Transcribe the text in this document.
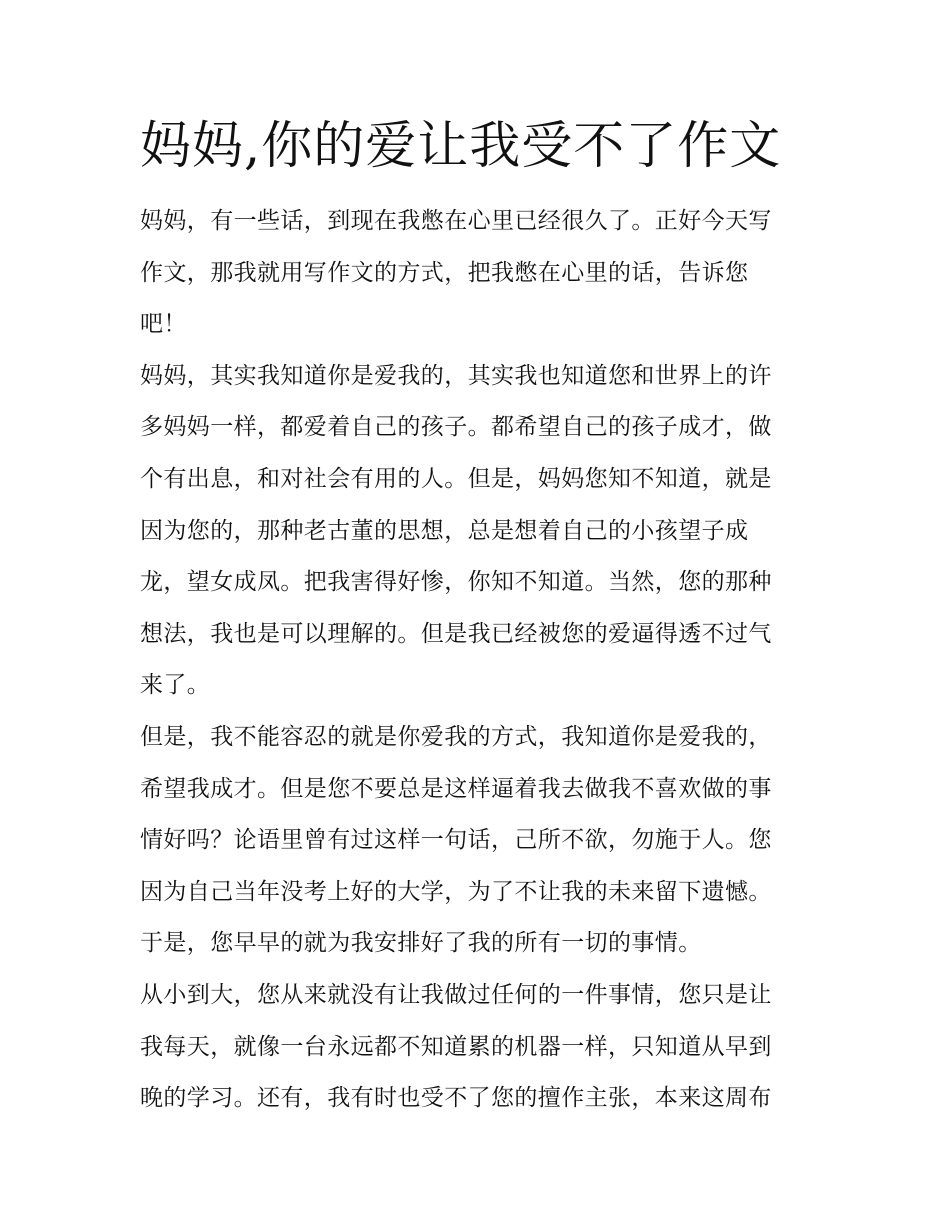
妈妈,你的爱让我受不了作文
妈妈，有一些话，到现在我憋在心里已经很久了。正好今天写
作文，那我就用写作文的方式，把我憋在心里的话，告诉您
吧！
妈妈，其实我知道你是爱我的，其实我也知道您和世界上的许
多妈妈一样，都爱着自己的孩子。都希望自己的孩子成才，做
个有出息，和对社会有用的人。但是，妈妈您知不知道，就是
因为您的，那种老古董的思想，总是想着自己的小孩望子成
龙，望女成凤。把我害得好惨，你知不知道。当然，您的那种
想法，我也是可以理解的。但是我已经被您的爱逼得透不过气
来了。
但是，我不能容忍的就是你爱我的方式，我知道你是爱我的，
希望我成才。但是您不要总是这样逼着我去做我不喜欢做的事
情好吗？论语里曾有过这样一句话，己所不欲，勿施于人。您
因为自己当年没考上好的大学，为了不让我的未来留下遗憾。
于是，您早早的就为我安排好了我的所有一切的事情。
从小到大，您从来就没有让我做过任何的一件事情，您只是让
我每天，就像一台永远都不知道累的机器一样，只知道从早到
晚的学习。还有，我有时也受不了您的擅作主张，本来这周布
